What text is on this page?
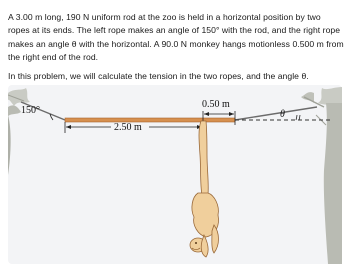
A 3.00 m long, 190 N uniform rod at the zoo is held in a horizontal position by two ropes at its ends. The left rope makes an angle of 150° with the rod, and the right rope makes an angle θ with the horizontal. A 90.0 N monkey hangs motionless 0.500 m from the right end of the rod.

In this problem, we will calculate the tension in the two ropes, and the angle θ.

150°	θ
0.50 m
2.50 m
